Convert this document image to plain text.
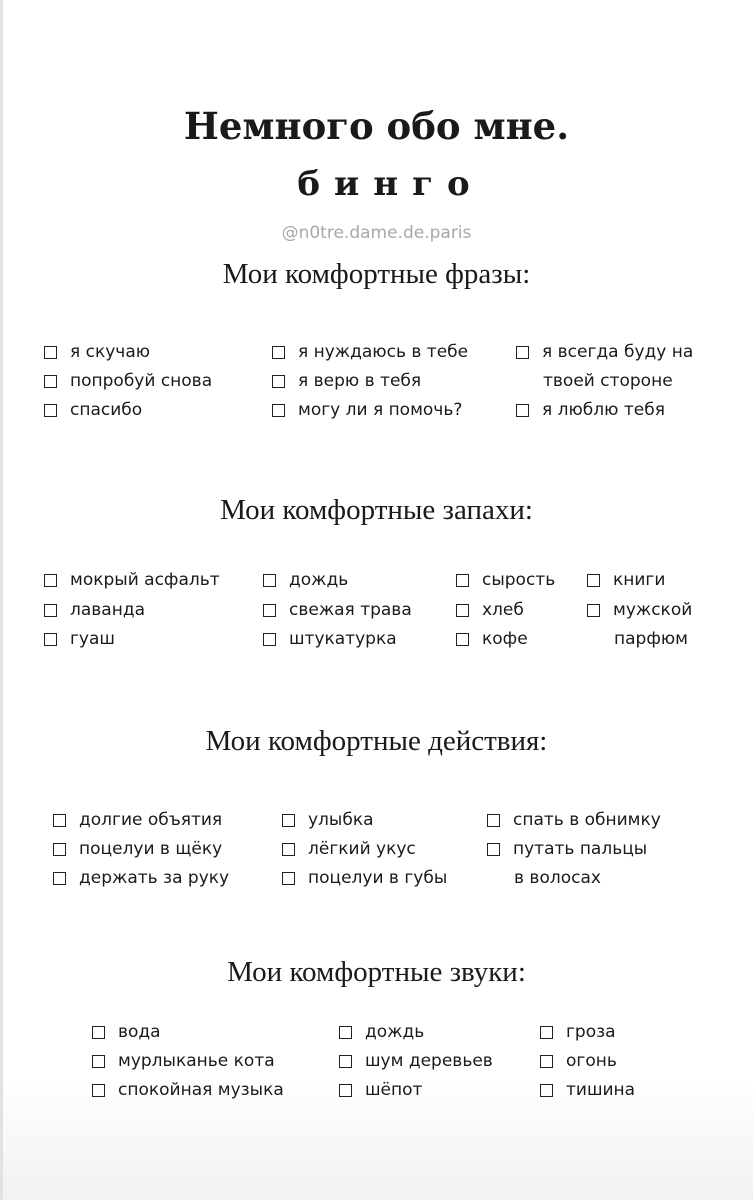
Немного обо мне.
бинго
@n0tre.dame.de.paris
Мои комфортные фразы:
я скучаю
попробуй снова
спасибо
я нуждаюсь в тебе
я верю в тебя
могу ли я помочь?
я всегда буду на
твоей стороне
я люблю тебя
Мои комфортные запахи:
мокрый асфальт
лаванда
гуаш
дождь
свежая трава
штукатурка
сырость
хлеб
кофе
книги
мужской
парфюм
Мои комфортные действия:
долгие объятия
поцелуи в щёку
держать за руку
улыбка
лёгкий укус
поцелуи в губы
спать в обнимку
путать пальцы
в волосах
Мои комфортные звуки:
вода
мурлыканье кота
спокойная музыка
дождь
шум деревьев
шёпот
гроза
огонь
тишина
